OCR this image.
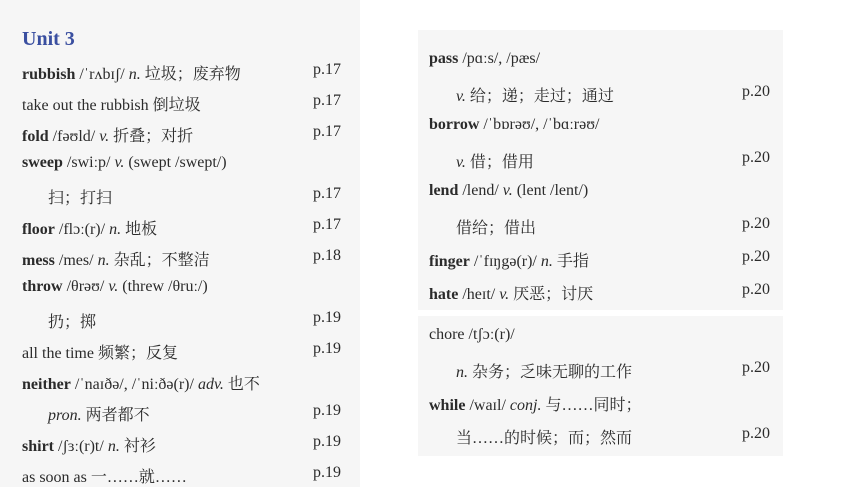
Unit 3
rubbish /ˈrʌbɪʃ/ n. 垃圾；废弃物	p.17
take out the rubbish 倒垃圾	p.17
fold /fəʊld/ v. 折叠；对折	p.17
sweep /swiːp/ v. (swept /swept/)
扫；打扫	p.17
floor /flɔː(r)/ n. 地板	p.17
mess /mes/ n. 杂乱；不整洁	p.18
throw /θrəʊ/ v. (threw /θruː/)
扔；掷	p.19
all the time 频繁；反复	p.19
neither /ˈnaɪðə/, /ˈniːðə(r)/ adv. 也不
pron. 两者都不	p.19
shirt /ʃɜː(r)t/ n. 衬衫	p.19
as soon as 一……就……	p.19
pass /pɑːs/, /pæs/
v. 给；递；走过；通过	p.20
borrow /ˈbɒrəʊ/, /ˈbɑːrəʊ/
v. 借；借用	p.20
lend /lend/ v. (lent /lent/)
借给；借出	p.20
finger /ˈfɪŋgə(r)/ n. 手指	p.20
hate /heɪt/ v. 厌恶；讨厌	p.20
chore /tʃɔː(r)/
n. 杂务；乏味无聊的工作	p.20
while /waɪl/ conj. 与……同时；
当……的时候；而；然而	p.20
